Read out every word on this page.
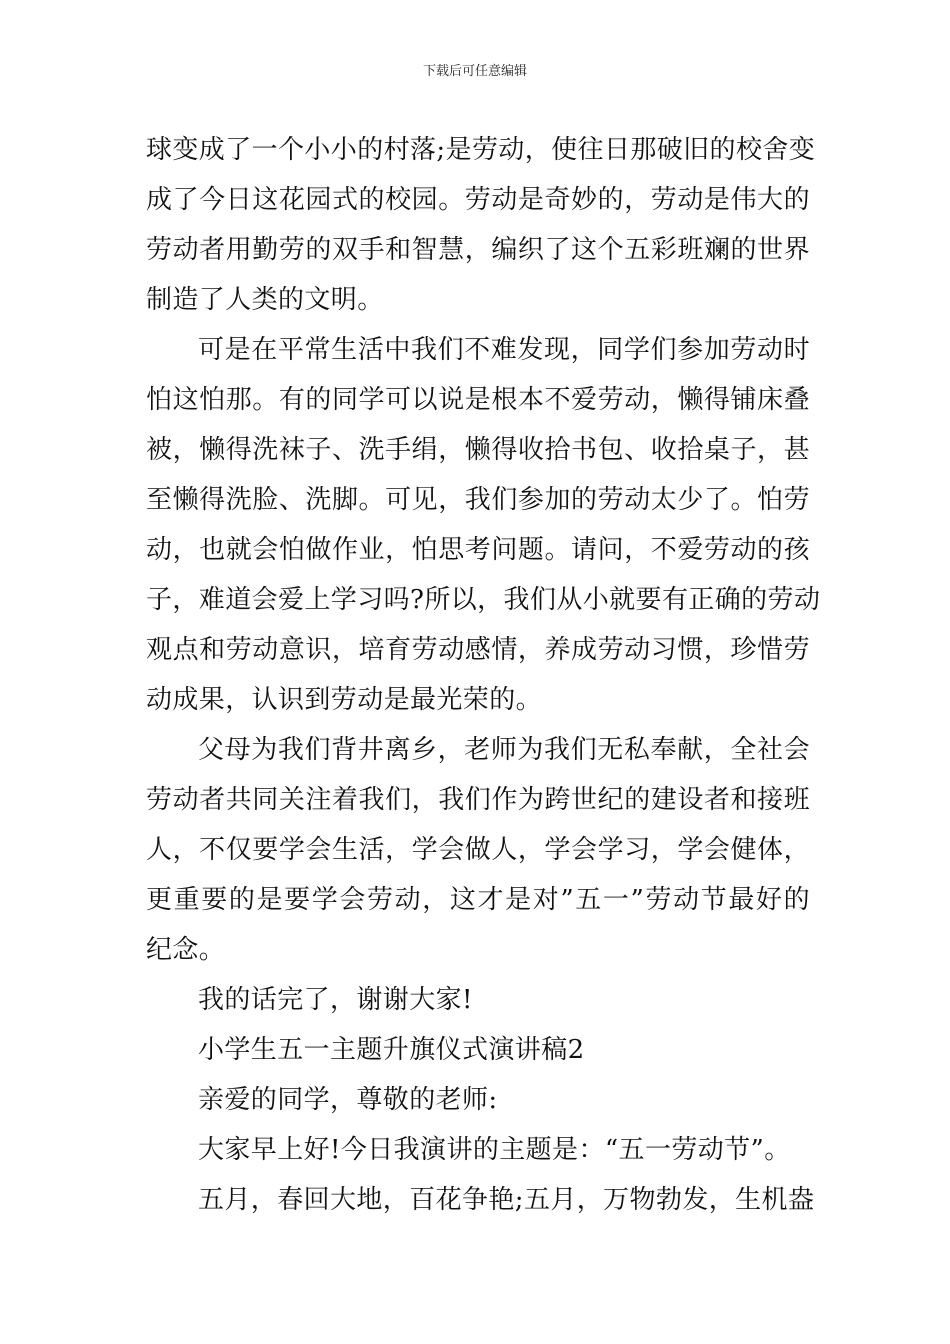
下载后可任意编辑
球变成了一个小小的村落;是劳动，使往日那破旧的校舍变
成了今日这花园式的校园。劳动是奇妙的，劳动是伟大的
劳动者用勤劳的双手和智慧，编织了这个五彩班斓的世界
制造了人类的文明。
可是在平常生活中我们不难发现，同学们参加劳动时
怕这怕那。有的同学可以说是根本不爱劳动，懒得铺床叠
被，懒得洗袜子、洗手绢，懒得收拾书包、收拾桌子，甚
至懒得洗脸、洗脚。可见，我们参加的劳动太少了。怕劳
动，也就会怕做作业，怕思考问题。请问，不爱劳动的孩
子，难道会爱上学习吗?所以，我们从小就要有正确的劳动
观点和劳动意识，培育劳动感情，养成劳动习惯，珍惜劳
动成果，认识到劳动是最光荣的。
父母为我们背井离乡，老师为我们无私奉献，全社会
劳动者共同关注着我们，我们作为跨世纪的建设者和接班
人，不仅要学会生活，学会做人，学会学习，学会健体，
更重要的是要学会劳动，这才是对”五一”劳动节最好的
纪念。
我的话完了，谢谢大家!
小学生五一主题升旗仪式演讲稿2
亲爱的同学，尊敬的老师:
大家早上好!今日我演讲的主题是：“五一劳动节”。
五月，春回大地，百花争艳;五月，万物勃发，生机盎
